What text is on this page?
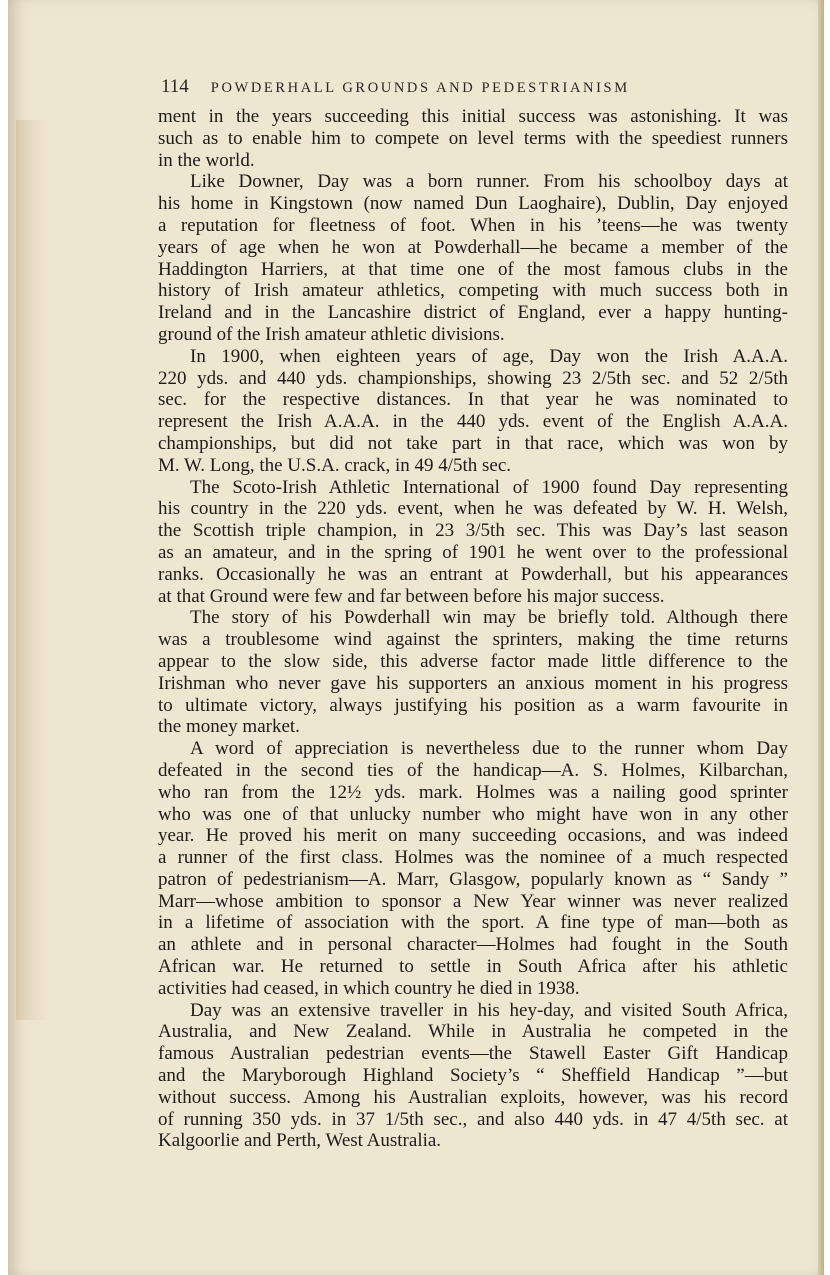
114 POWDERHALL GROUNDS AND PEDESTRIANISM
ment in the years succeeding this initial success was astonishing. It was
such as to enable him to compete on level terms with the speediest runners
in the world.
Like Downer, Day was a born runner. From his schoolboy days at
his home in Kingstown (now named Dun Laoghaire), Dublin, Day enjoyed
a reputation for fleetness of foot. When in his ’teens—he was twenty
years of age when he won at Powderhall—he became a member of the
Haddington Harriers, at that time one of the most famous clubs in the
history of Irish amateur athletics, competing with much success both in
Ireland and in the Lancashire district of England, ever a happy hunting-
ground of the Irish amateur athletic divisions.
In 1900, when eighteen years of age, Day won the Irish A.A.A.
220 yds. and 440 yds. championships, showing 23 2/5th sec. and 52 2/5th
sec. for the respective distances. In that year he was nominated to
represent the Irish A.A.A. in the 440 yds. event of the English A.A.A.
championships, but did not take part in that race, which was won by
M. W. Long, the U.S.A. crack, in 49 4/5th sec.
The Scoto-Irish Athletic International of 1900 found Day representing
his country in the 220 yds. event, when he was defeated by W. H. Welsh,
the Scottish triple champion, in 23 3/5th sec. This was Day’s last season
as an amateur, and in the spring of 1901 he went over to the professional
ranks. Occasionally he was an entrant at Powderhall, but his appearances
at that Ground were few and far between before his major success.
The story of his Powderhall win may be briefly told. Although there
was a troublesome wind against the sprinters, making the time returns
appear to the slow side, this adverse factor made little difference to the
Irishman who never gave his supporters an anxious moment in his progress
to ultimate victory, always justifying his position as a warm favourite in
the money market.
A word of appreciation is nevertheless due to the runner whom Day
defeated in the second ties of the handicap—A. S. Holmes, Kilbarchan,
who ran from the 12½ yds. mark. Holmes was a nailing good sprinter
who was one of that unlucky number who might have won in any other
year. He proved his merit on many succeeding occasions, and was indeed
a runner of the first class. Holmes was the nominee of a much respected
patron of pedestrianism—A. Marr, Glasgow, popularly known as “ Sandy ”
Marr—whose ambition to sponsor a New Year winner was never realized
in a lifetime of association with the sport. A fine type of man—both as
an athlete and in personal character—Holmes had fought in the South
African war. He returned to settle in South Africa after his athletic
activities had ceased, in which country he died in 1938.
Day was an extensive traveller in his hey-day, and visited South Africa,
Australia, and New Zealand. While in Australia he competed in the
famous Australian pedestrian events—the Stawell Easter Gift Handicap
and the Maryborough Highland Society’s “ Sheffield Handicap ”—but
without success. Among his Australian exploits, however, was his record
of running 350 yds. in 37 1/5th sec., and also 440 yds. in 47 4/5th sec. at
Kalgoorlie and Perth, West Australia.
